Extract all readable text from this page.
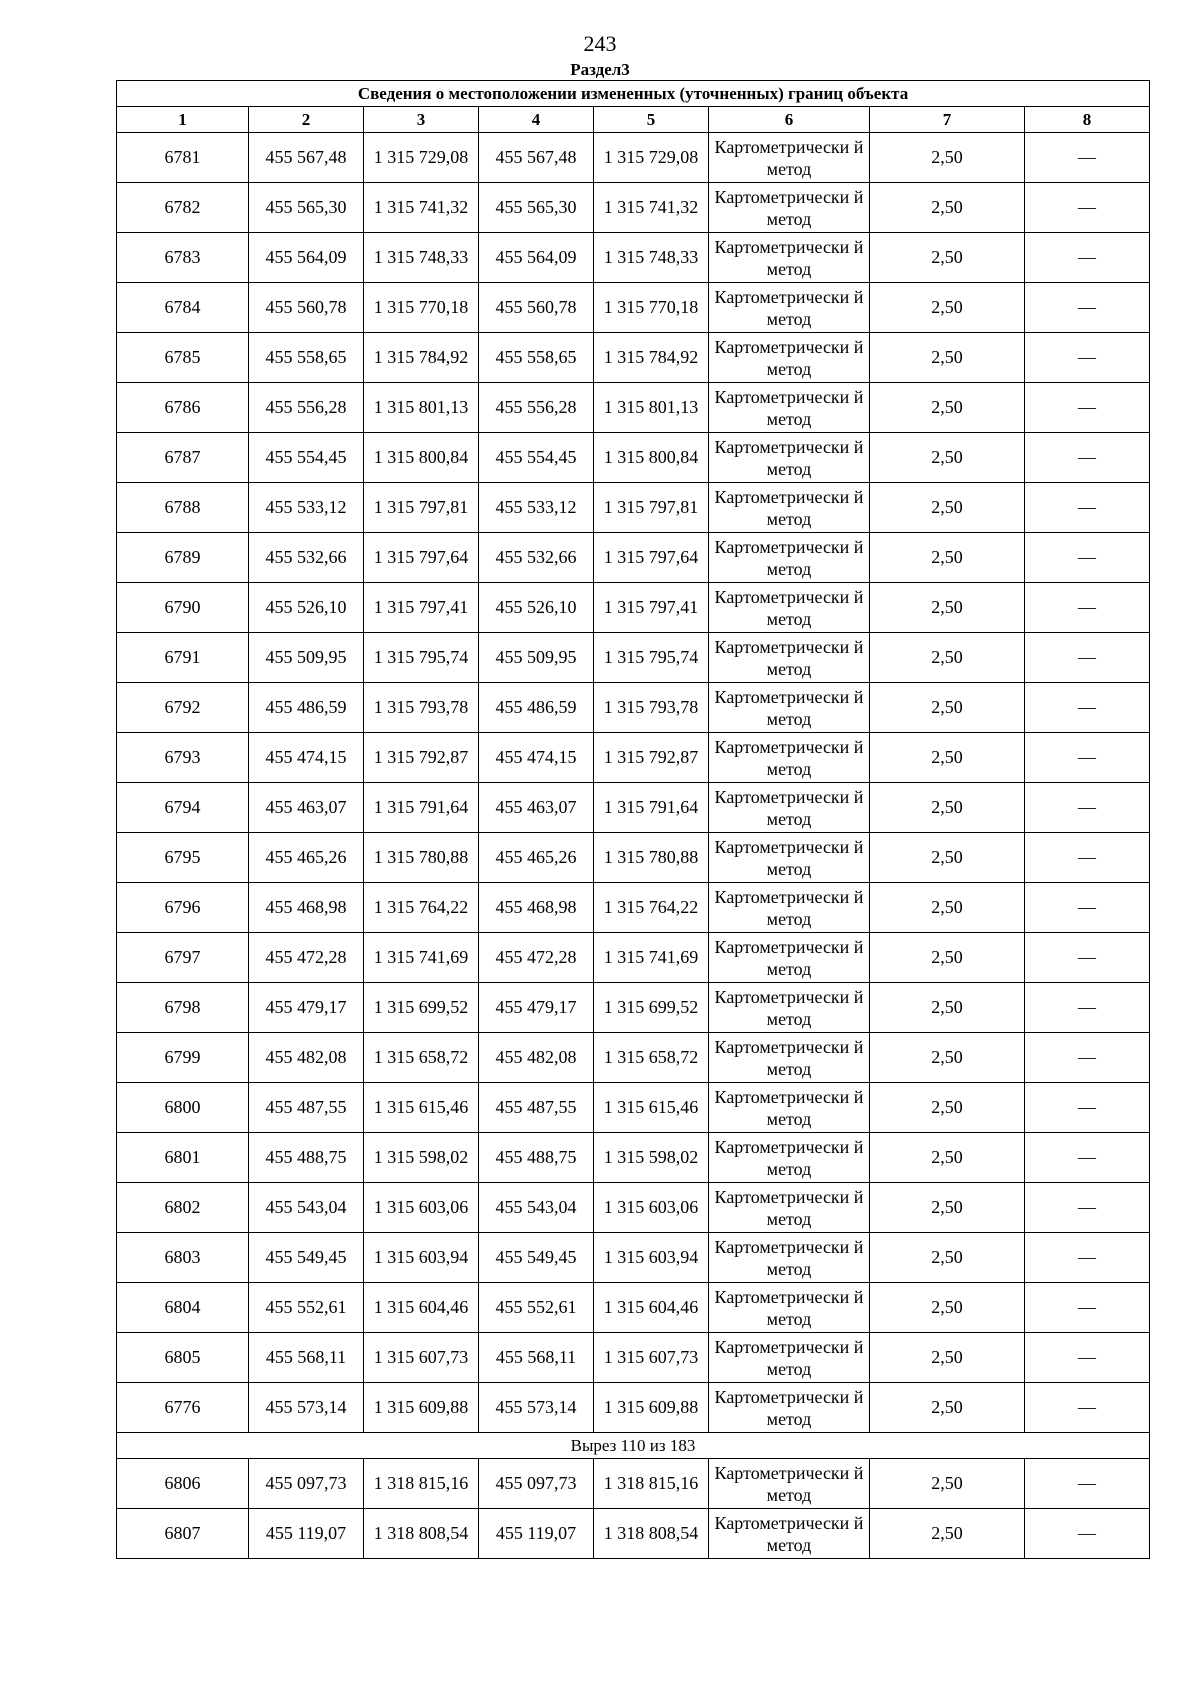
243
Раздел3
Сведения о местоположении измененных (уточненных) границ объекта							
1	2	3	4	5	6	7	8
6781	455 567,48	1 315 729,08	455 567,48	1 315 729,08	Картометрически й метод	2,50	—
6782	455 565,30	1 315 741,32	455 565,30	1 315 741,32	Картометрически й метод	2,50	—
6783	455 564,09	1 315 748,33	455 564,09	1 315 748,33	Картометрически й метод	2,50	—
6784	455 560,78	1 315 770,18	455 560,78	1 315 770,18	Картометрически й метод	2,50	—
6785	455 558,65	1 315 784,92	455 558,65	1 315 784,92	Картометрически й метод	2,50	—
6786	455 556,28	1 315 801,13	455 556,28	1 315 801,13	Картометрически й метод	2,50	—
6787	455 554,45	1 315 800,84	455 554,45	1 315 800,84	Картометрически й метод	2,50	—
6788	455 533,12	1 315 797,81	455 533,12	1 315 797,81	Картометрически й метод	2,50	—
6789	455 532,66	1 315 797,64	455 532,66	1 315 797,64	Картометрически й метод	2,50	—
6790	455 526,10	1 315 797,41	455 526,10	1 315 797,41	Картометрически й метод	2,50	—
6791	455 509,95	1 315 795,74	455 509,95	1 315 795,74	Картометрически й метод	2,50	—
6792	455 486,59	1 315 793,78	455 486,59	1 315 793,78	Картометрически й метод	2,50	—
6793	455 474,15	1 315 792,87	455 474,15	1 315 792,87	Картометрически й метод	2,50	—
6794	455 463,07	1 315 791,64	455 463,07	1 315 791,64	Картометрически й метод	2,50	—
6795	455 465,26	1 315 780,88	455 465,26	1 315 780,88	Картометрически й метод	2,50	—
6796	455 468,98	1 315 764,22	455 468,98	1 315 764,22	Картометрически й метод	2,50	—
6797	455 472,28	1 315 741,69	455 472,28	1 315 741,69	Картометрически й метод	2,50	—
6798	455 479,17	1 315 699,52	455 479,17	1 315 699,52	Картометрически й метод	2,50	—
6799	455 482,08	1 315 658,72	455 482,08	1 315 658,72	Картометрически й метод	2,50	—
6800	455 487,55	1 315 615,46	455 487,55	1 315 615,46	Картометрически й метод	2,50	—
6801	455 488,75	1 315 598,02	455 488,75	1 315 598,02	Картометрически й метод	2,50	—
6802	455 543,04	1 315 603,06	455 543,04	1 315 603,06	Картометрически й метод	2,50	—
6803	455 549,45	1 315 603,94	455 549,45	1 315 603,94	Картометрически й метод	2,50	—
6804	455 552,61	1 315 604,46	455 552,61	1 315 604,46	Картометрически й метод	2,50	—
6805	455 568,11	1 315 607,73	455 568,11	1 315 607,73	Картометрически й метод	2,50	—
6776	455 573,14	1 315 609,88	455 573,14	1 315 609,88	Картометрически й метод	2,50	—
Вырез 110 из 183							
6806	455 097,73	1 318 815,16	455 097,73	1 318 815,16	Картометрически й метод	2,50	—
6807	455 119,07	1 318 808,54	455 119,07	1 318 808,54	Картометрически й метод	2,50	—
